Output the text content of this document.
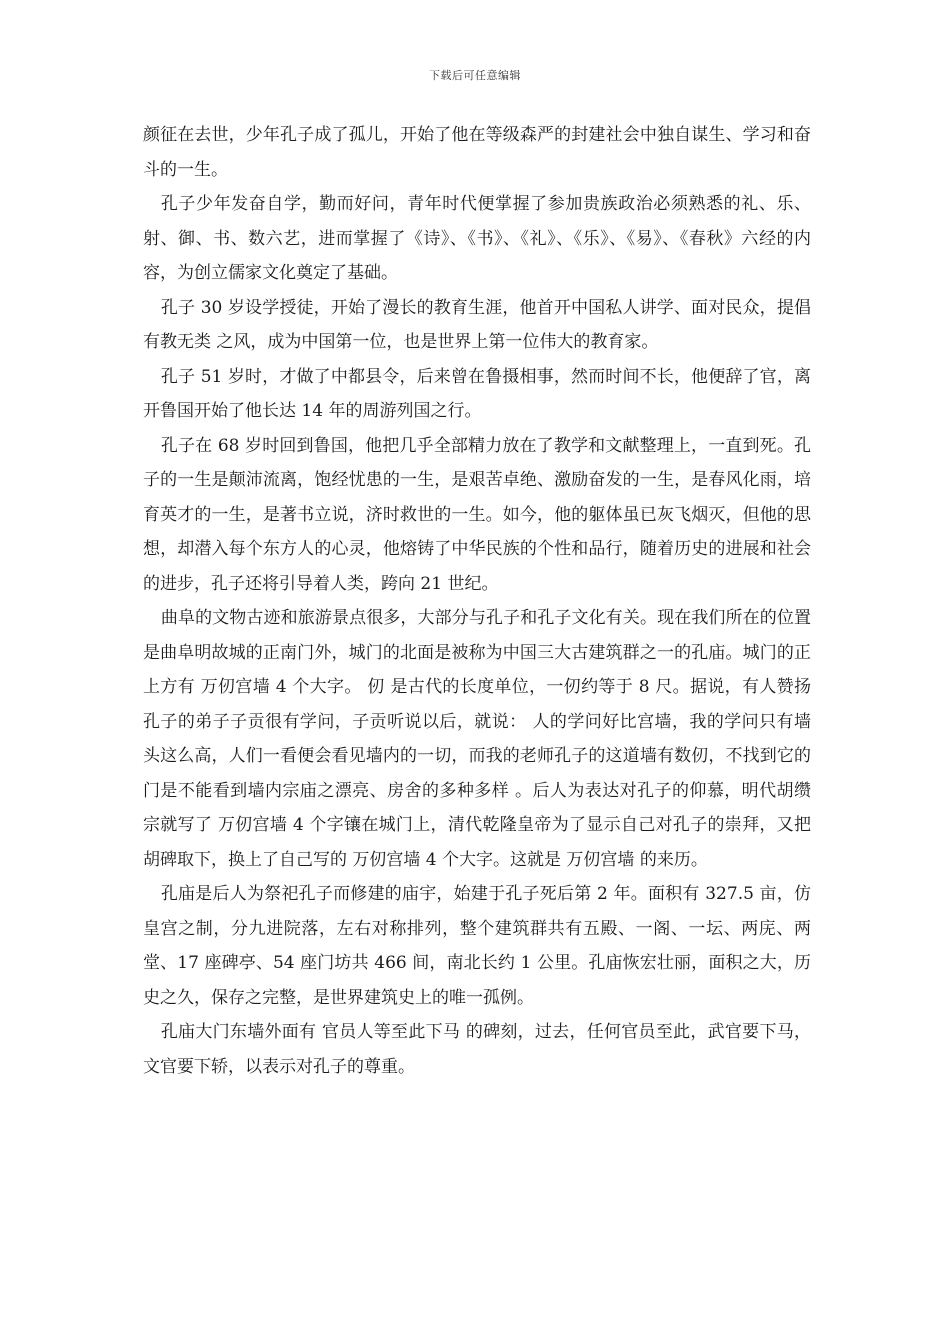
下载后可任意编辑

颜征在去世，少年孔子成了孤儿，开始了他在等级森严的封建社会中独自谋生、学习和奋斗的一生。

孔子少年发奋自学，勤而好问，青年时代便掌握了参加贵族政治必须熟悉的礼、乐、射、御、书、数六艺，进而掌握了《诗》、《书》、《礼》、《乐》、《易》、《春秋》六经的内容，为创立儒家文化奠定了基础。

孔子 30 岁设学授徒，开始了漫长的教育生涯，他首开中国私人讲学、面对民众，提倡 有教无类 之风，成为中国第一位，也是世界上第一位伟大的教育家。

孔子 51 岁时，才做了中都县令，后来曾在鲁摄相事，然而时间不长，他便辞了官，离开鲁国开始了他长达 14 年的周游列国之行。

孔子在 68 岁时回到鲁国，他把几乎全部精力放在了教学和文献整理上，一直到死。孔子的一生是颠沛流离，饱经忧患的一生，是艰苦卓绝、激励奋发的一生，是春风化雨，培育英才的一生，是著书立说，济时救世的一生。如今，他的躯体虽已灰飞烟灭，但他的思想，却潜入每个东方人的心灵，他熔铸了中华民族的个性和品行，随着历史的进展和社会的进步，孔子还将引导着人类，跨向 21 世纪。

曲阜的文物古迹和旅游景点很多，大部分与孔子和孔子文化有关。现在我们所在的位置是曲阜明故城的正南门外，城门的北面是被称为中国三大古建筑群之一的孔庙。城门的正上方有 万仞宫墙 4 个大字。 仞 是古代的长度单位，一仞约等于 8 尺。据说，有人赞扬孔子的弟子子贡很有学问，子贡听说以后，就说： 人的学问好比宫墙，我的学问只有墙头这么高，人们一看便会看见墙内的一切，而我的老师孔子的这道墙有数仞，不找到它的门是不能看到墙内宗庙之漂亮、房舍的多种多样 。后人为表达对孔子的仰慕，明代胡缵宗就写了 万仞宫墙 4 个字镶在城门上，清代乾隆皇帝为了显示自己对孔子的崇拜，又把胡碑取下，换上了自己写的 万仞宫墙 4 个大字。这就是 万仞宫墙 的来历。

孔庙是后人为祭祀孔子而修建的庙宇，始建于孔子死后第 2 年。面积有 327.5 亩，仿皇宫之制，分九进院落，左右对称排列，整个建筑群共有五殿、一阁、一坛、两庑、两堂、17 座碑亭、54 座门坊共 466 间，南北长约 1 公里。孔庙恢宏壮丽，面积之大，历史之久，保存之完整，是世界建筑史上的唯一孤例。

孔庙大门东墙外面有 官员人等至此下马 的碑刻，过去，任何官员至此，武官要下马，文官要下轿，以表示对孔子的尊重。
